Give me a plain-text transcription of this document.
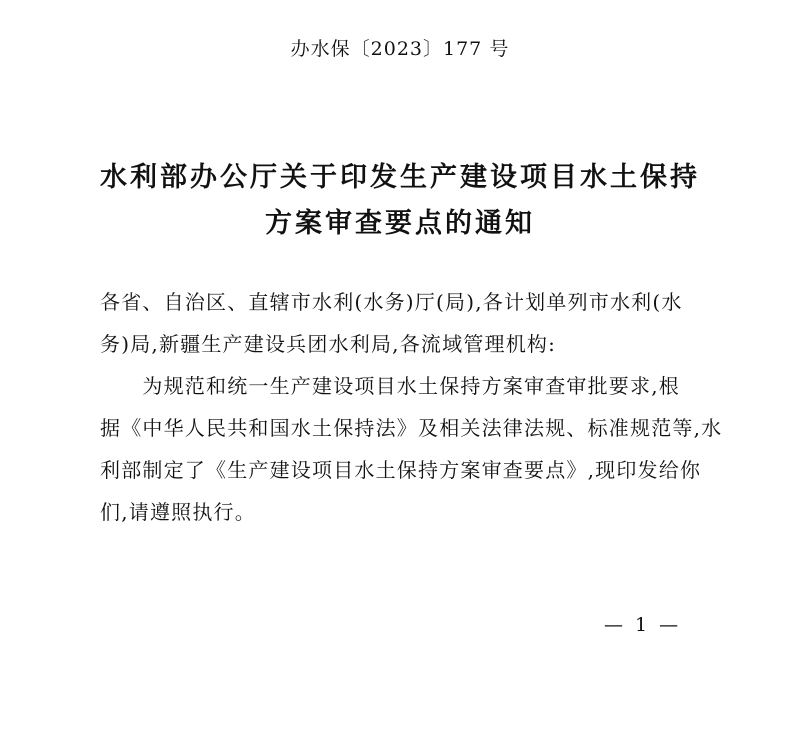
办水保〔2023〕177 号
水利部办公厅关于印发生产建设项目水土保持
方案审查要点的通知
各省、自治区、直辖市水利(水务)厅(局),各计划单列市水利(水
务)局,新疆生产建设兵团水利局,各流域管理机构:
　　为规范和统一生产建设项目水土保持方案审查审批要求,根
据《中华人民共和国水土保持法》及相关法律法规、标准规范等,水
利部制定了《生产建设项目水土保持方案审查要点》,现印发给你
们,请遵照执行。
— 1 —
